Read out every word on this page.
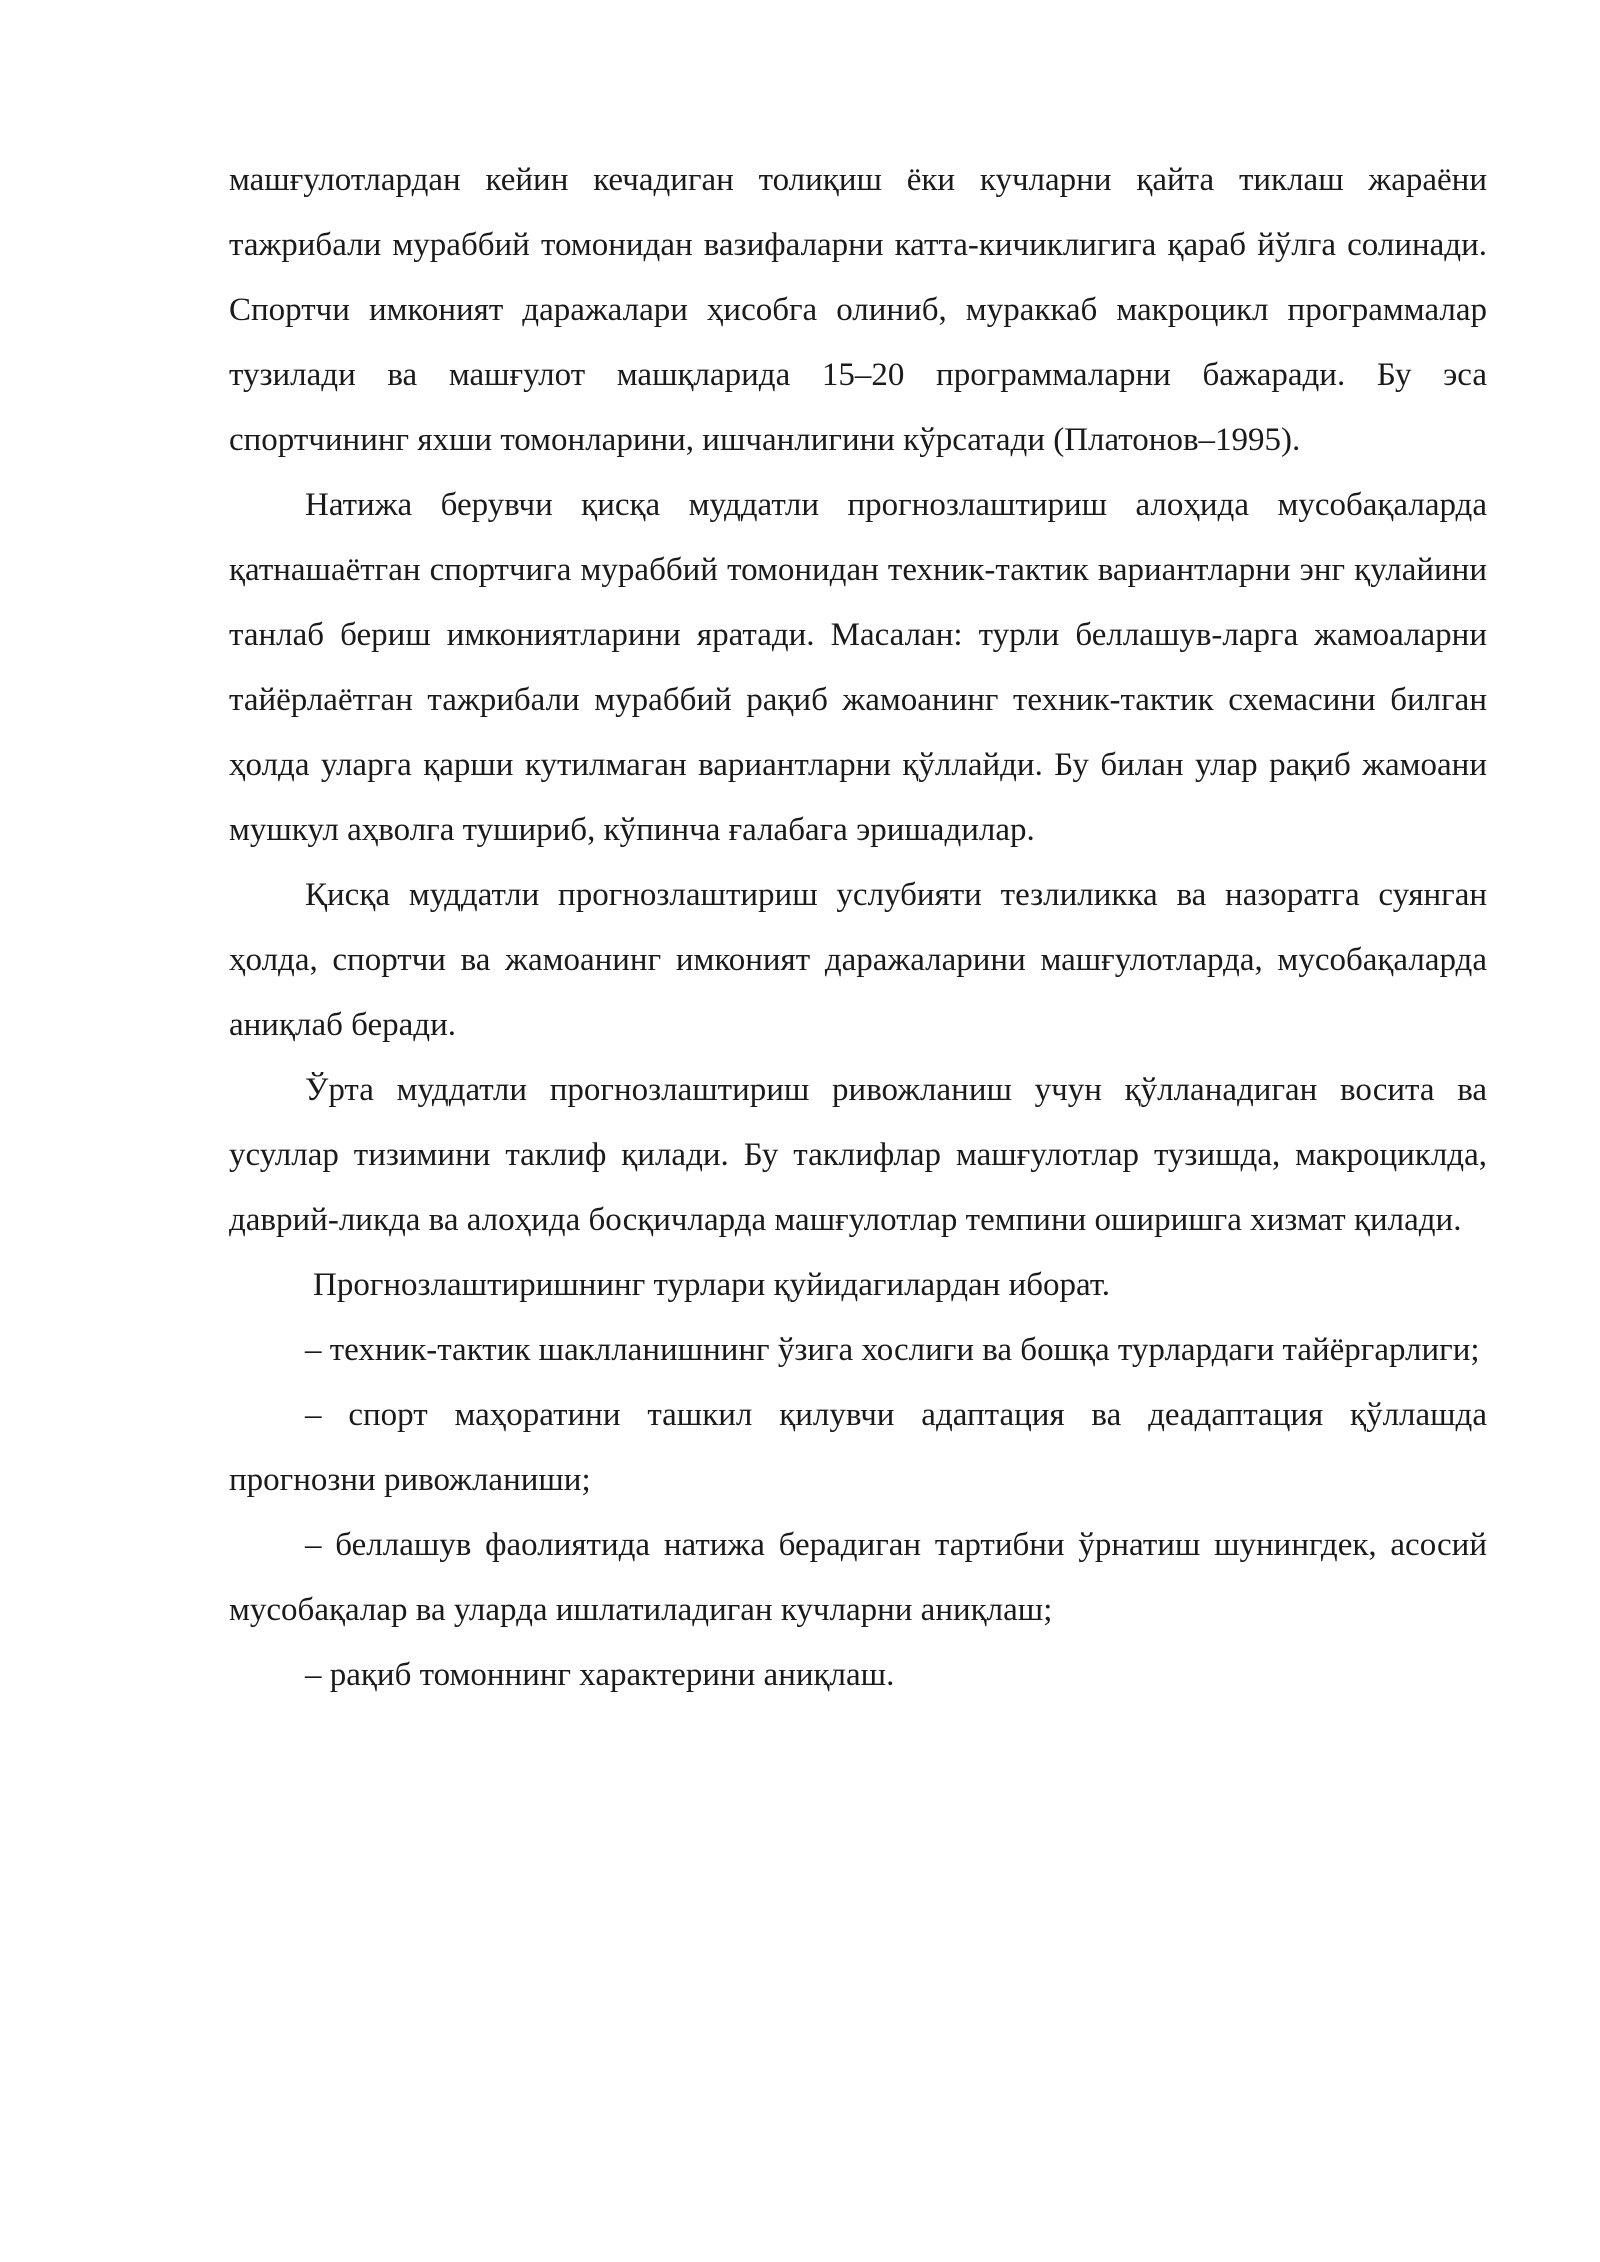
машғулотлардан кейин кечадиган толиқиш ёки кучларни қайта тиклаш жараёни тажрибали мураббий томонидан вазифаларни катта-кичиклигига қараб йўлга солинади. Спортчи имконият даражалари ҳисобга олиниб, мураккаб макроцикл программалар тузилади ва машғулот машқларида 15–20 программаларни бажаради. Бу эса спортчининг яхши томонларини, ишчанлигини кўрсатади (Платонов–1995).

Натижа берувчи қисқа муддатли прогнозлаштириш алоҳида мусобақаларда қатнашаётган спортчига мураббий томонидан техник-тактик вариантларни энг қулайини танлаб бериш имкониятларини яратади. Масалан: турли беллашув-ларга жамоаларни тайёрлаётган тажрибали мураббий рақиб жамоанинг техник-тактик схемасини билган ҳолда уларга қарши кутилмаган вариантларни қўллайди. Бу билан улар рақиб жамоани мушкул аҳволга тушириб, кўпинча ғалабага эришадилар.

Қисқа муддатли прогнозлаштириш услубияти тезлиликка ва назоратга суянган ҳолда, спортчи ва жамоанинг имконият даражаларини машғулотларда, мусобақаларда аниқлаб беради.

Ўрта муддатли прогнозлаштириш ривожланиш учун қўлланадиган восита ва усуллар тизимини таклиф қилади. Бу таклифлар машғулотлар тузишда, макроциклда, даврий-ликда ва алоҳида босқичларда машғулотлар темпини оширишга хизмат қилади.

Прогнозлаштиришнинг турлари қуйидагилардан иборат.

– техник-тактик шаклланишнинг ўзига хослиги ва бошқа турлардаги тайёргарлиги;

– спорт маҳоратини ташкил қилувчи адаптация ва деадаптация қўллашда прогнозни ривожланиши;

– беллашув фаолиятида натижа берадиган тартибни ўрнатиш шунингдек, асосий мусобақалар ва уларда ишлатиладиган кучларни аниқлаш;

– рақиб томоннинг характерини аниқлаш.
